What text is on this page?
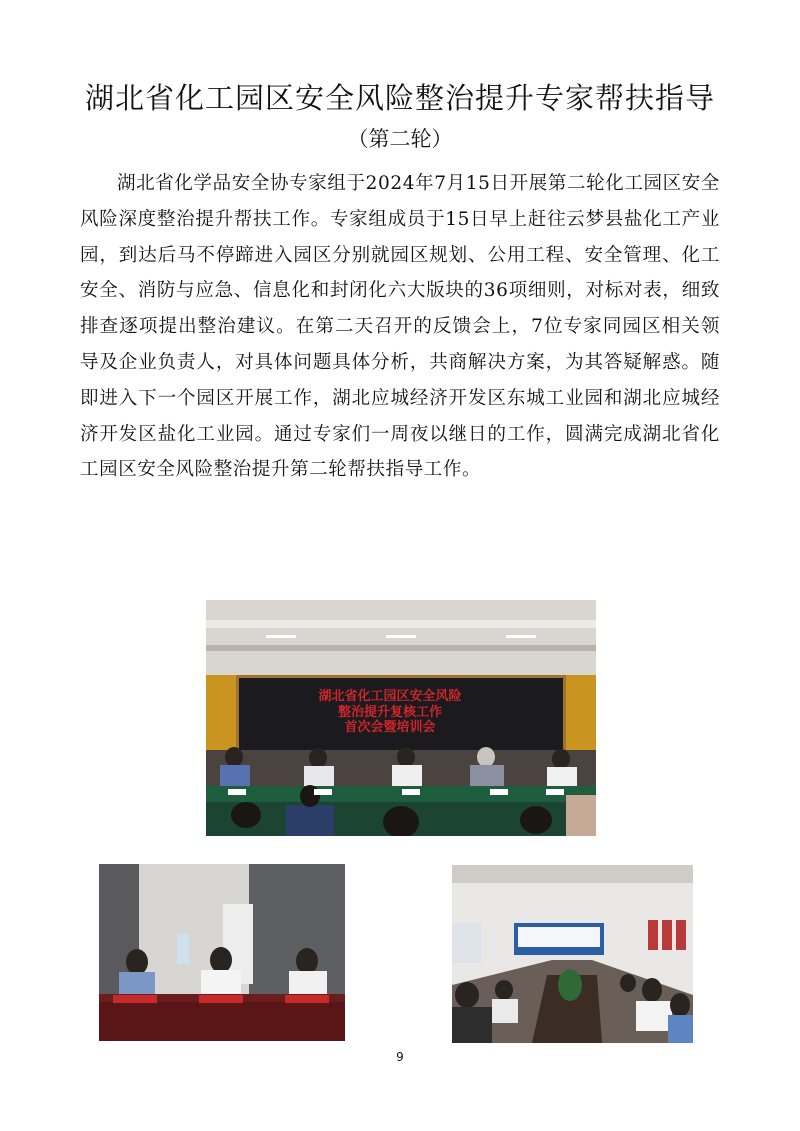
湖北省化工园区安全风险整治提升专家帮扶指导
（第二轮）
湖北省化学品安全协专家组于2024年7月15日开展第二轮化工园区安全风险深度整治提升帮扶工作。专家组成员于15日早上赶往云梦县盐化工产业园，到达后马不停蹄进入园区分别就园区规划、公用工程、安全管理、化工安全、消防与应急、信息化和封闭化六大版块的36项细则，对标对表，细致排查逐项提出整治建议。在第二天召开的反馈会上，7位专家同园区相关领导及企业负责人，对具体问题具体分析，共商解决方案，为其答疑解惑。随即进入下一个园区开展工作，湖北应城经济开发区东城工业园和湖北应城经济开发区盐化工业园。通过专家们一周夜以继日的工作，圆满完成湖北省化工园区安全风险整治提升第二轮帮扶指导工作。
湖北省化工园区安全风险
整治提升复核工作
首次会暨培训会
9
